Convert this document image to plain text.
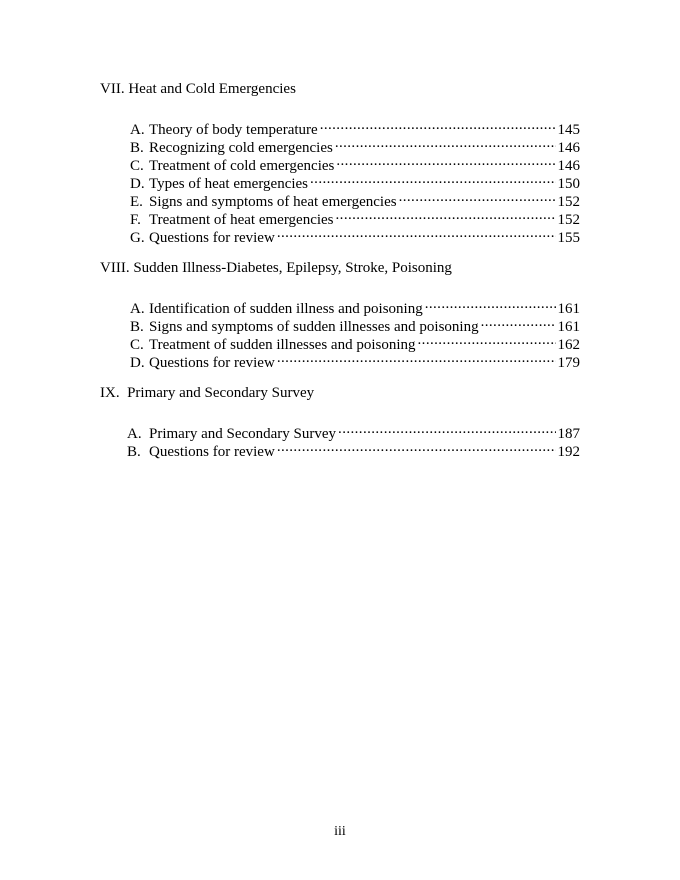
VII. Heat and Cold Emergencies
A. Theory of body temperature .....	145
B. Recognizing cold emergencies .....	146
C. Treatment of cold emergencies .....	146
D. Types of heat emergencies .....	150
E. Signs and symptoms of heat emergencies .....	152
F. Treatment of heat emergencies .....	152
G. Questions for review .....	155
VIII. Sudden Illness-Diabetes, Epilepsy, Stroke, Poisoning
A. Identification of sudden illness and poisoning .....	161
B. Signs and symptoms of sudden illnesses and poisoning .....	161
C. Treatment of sudden illnesses and poisoning .....	162
D. Questions for review .....	179
IX.  Primary and Secondary Survey
A. Primary and Secondary Survey .....	187
B. Questions for review .....	192
iii
